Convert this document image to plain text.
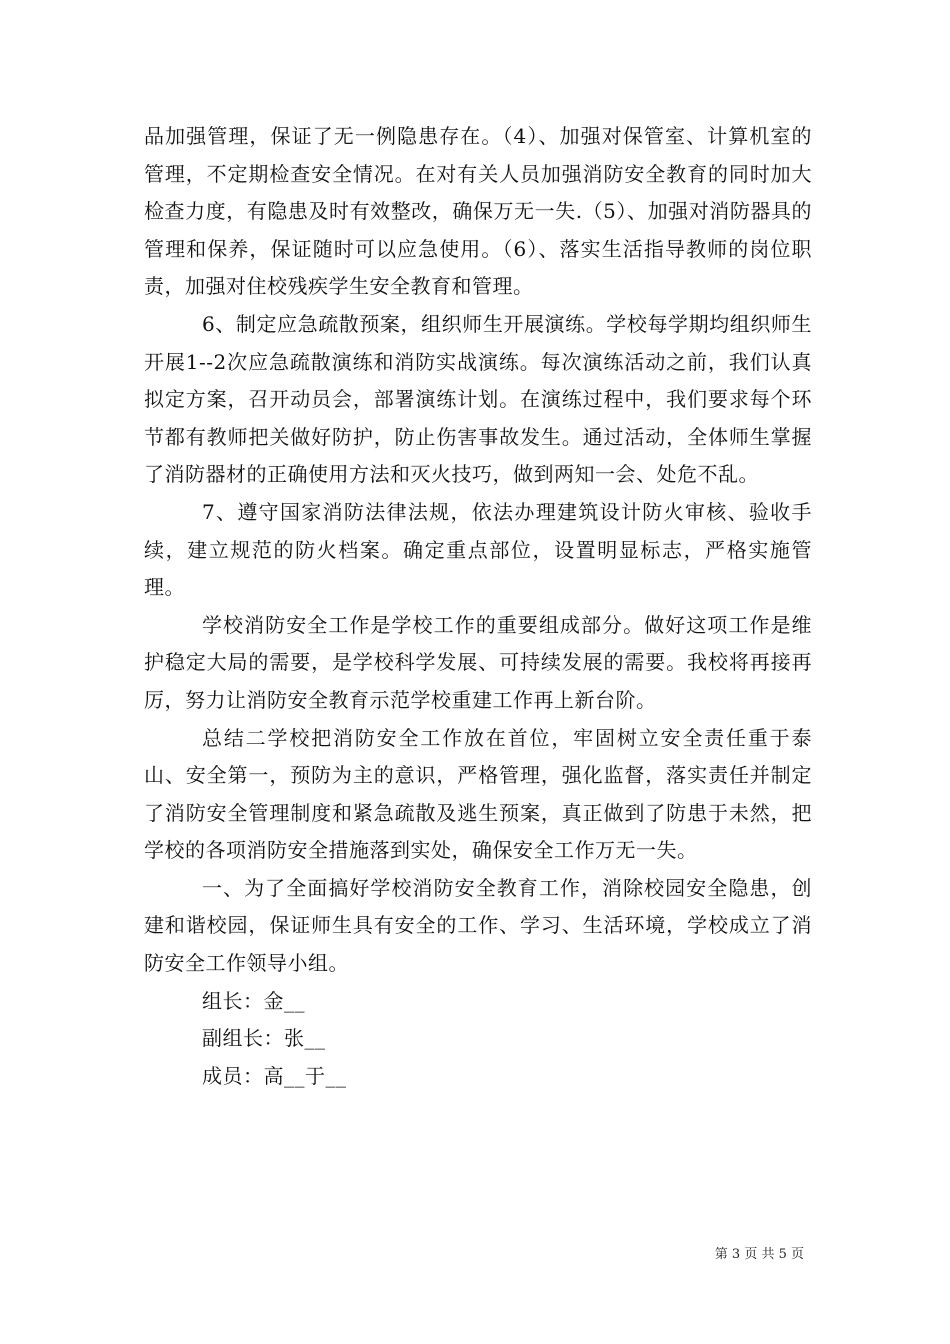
品加强管理，保证了无一例隐患存在。（4）、加强对保管室、计算机室的管理，不定期检查安全情况。在对有关人员加强消防安全教育的同时加大检查力度，有隐患及时有效整改，确保万无一失.（5）、加强对消防器具的管理和保养，保证随时可以应急使用。（6）、落实生活指导教师的岗位职责，加强对住校残疾学生安全教育和管理。

6、制定应急疏散预案，组织师生开展演练。学校每学期均组织师生开展1--2次应急疏散演练和消防实战演练。每次演练活动之前，我们认真拟定方案，召开动员会，部署演练计划。在演练过程中，我们要求每个环节都有教师把关做好防护，防止伤害事故发生。通过活动，全体师生掌握了消防器材的正确使用方法和灭火技巧，做到两知一会、处危不乱。

7、遵守国家消防法律法规，依法办理建筑设计防火审核、验收手续，建立规范的防火档案。确定重点部位，设置明显标志，严格实施管理。

学校消防安全工作是学校工作的重要组成部分。做好这项工作是维护稳定大局的需要，是学校科学发展、可持续发展的需要。我校将再接再厉，努力让消防安全教育示范学校重建工作再上新台阶。

总结二学校把消防安全工作放在首位，牢固树立安全责任重于泰山、安全第一，预防为主的意识，严格管理，强化监督，落实责任并制定了消防安全管理制度和紧急疏散及逃生预案，真正做到了防患于未然，把学校的各项消防安全措施落到实处，确保安全工作万无一失。

一、为了全面搞好学校消防安全教育工作，消除校园安全隐患，创建和谐校园，保证师生具有安全的工作、学习、生活环境，学校成立了消防安全工作领导小组。

组长：金__

副组长：张__

成员：高__于__

第 3 页 共 5 页
